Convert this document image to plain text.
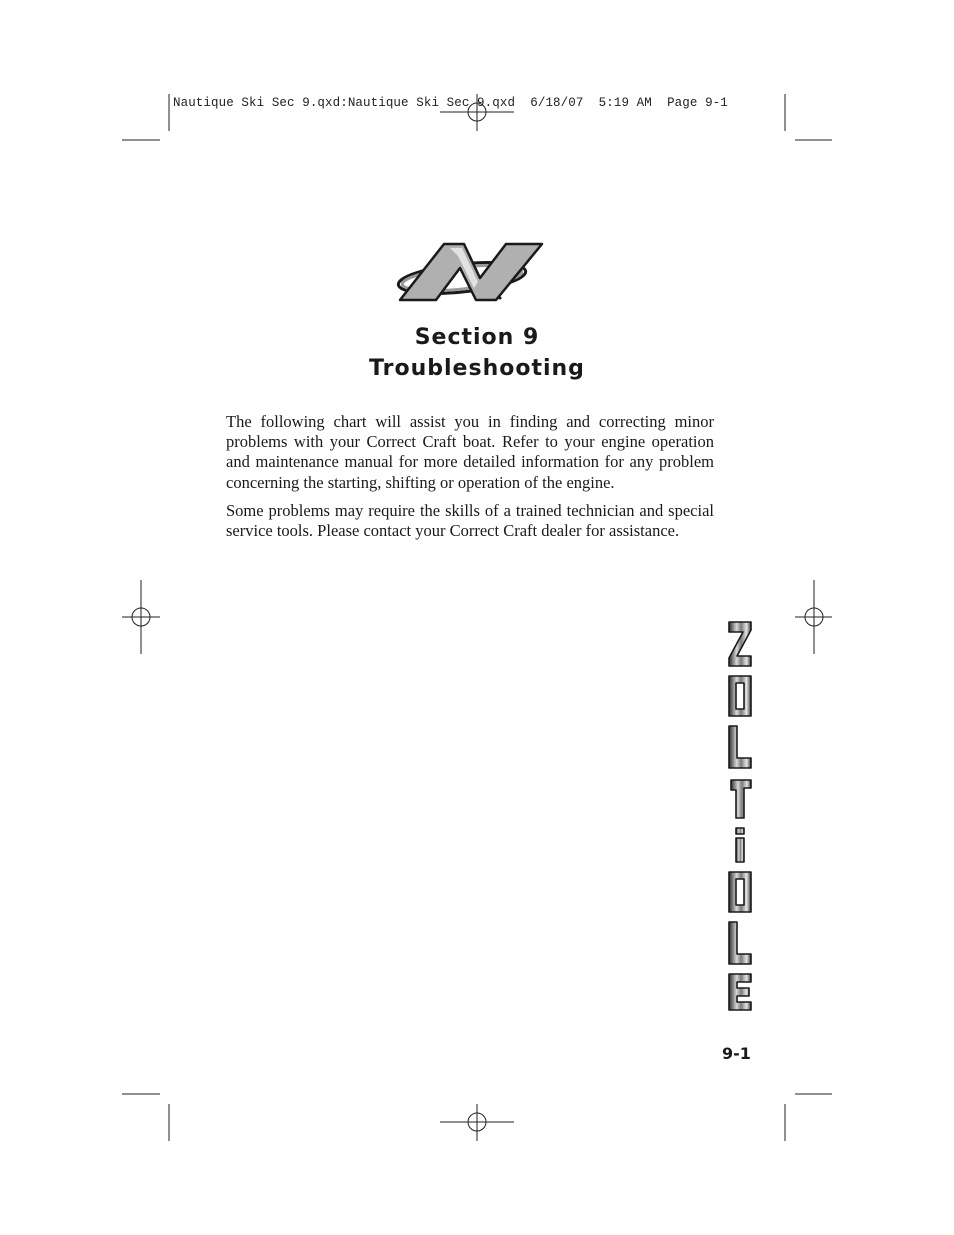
Nautique Ski Sec 9.qxd:Nautique Ski Sec 9.qxd  6/18/07  5:19 AM  Page 9-1
Section 9
Troubleshooting

The following chart will assist you in finding and correcting minor problems with your Correct Craft boat. Refer to your engine operation and maintenance manual for more detailed information for any problem concerning the starting, shifting or operation of the engine.

Some problems may require the skills of a trained technician and special service tools. Please contact your Correct Craft dealer for assistance.

9-1
